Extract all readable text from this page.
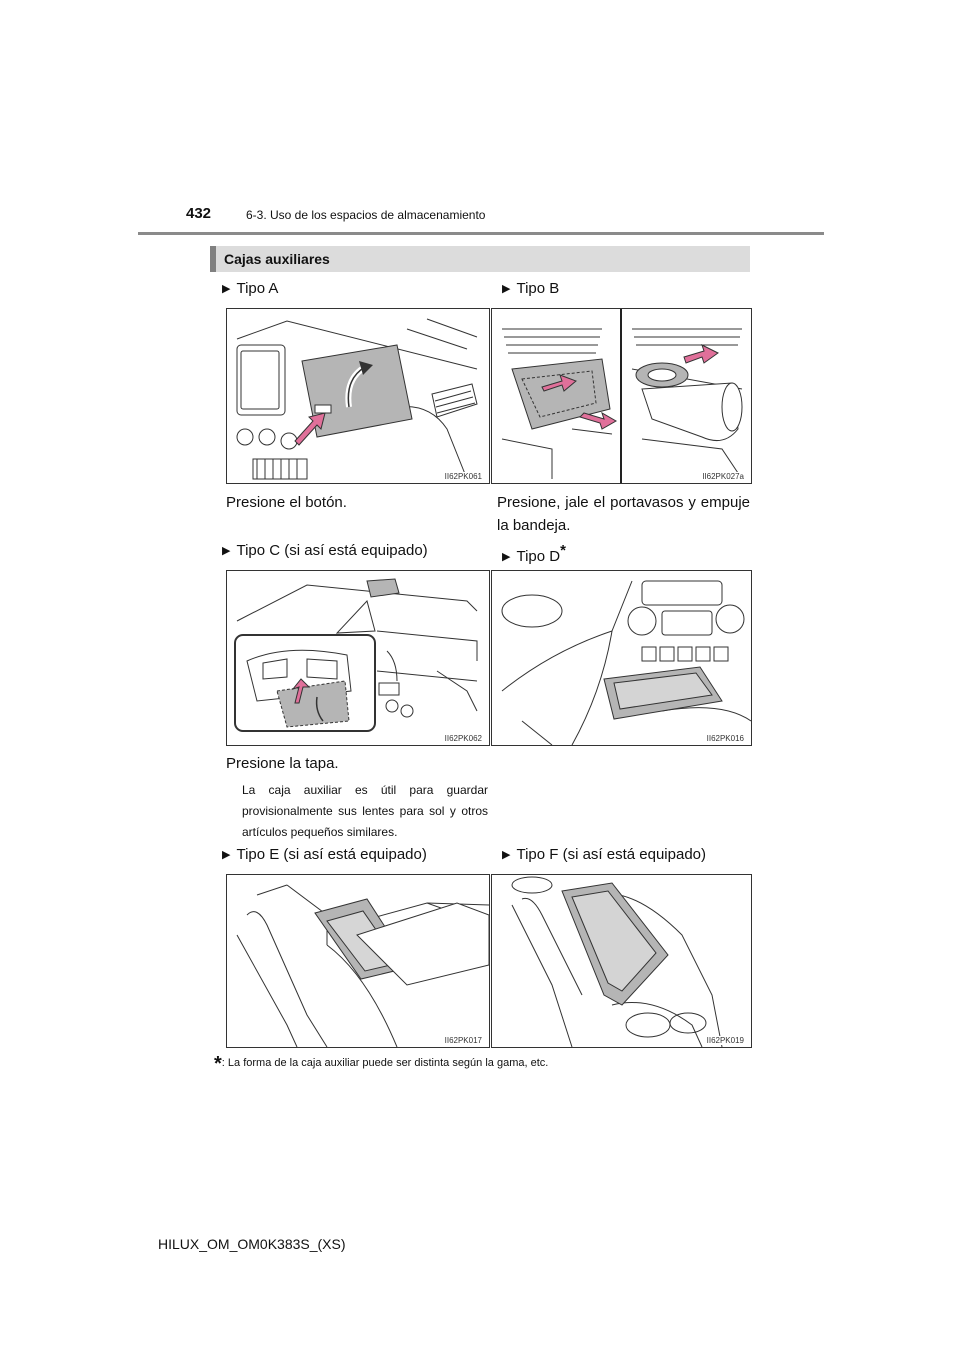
432	6-3. Uso de los espacios de almacenamiento
Cajas auxiliares
▶ Tipo A	▶ Tipo B
II62PK061	II62PK027a
Presione el botón.	Presione, jale el portavasos y empuje la bandeja.
▶ Tipo C (si así está equipado)	▶ Tipo D*
II62PK062	II62PK016
Presione la tapa.
La caja auxiliar es útil para guardar provisionalmente sus lentes para sol y otros artículos pequeños similares.
▶ Tipo E (si así está equipado)	▶ Tipo F (si así está equipado)
II62PK017	II62PK019
*: La forma de la caja auxiliar puede ser distinta según la gama, etc.
HILUX_OM_OM0K383S_(XS)
